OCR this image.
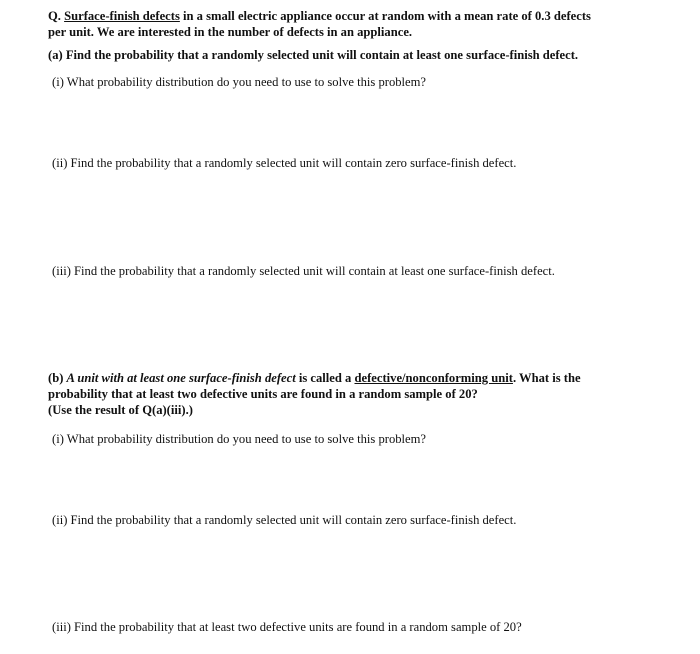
Q. Surface-finish defects in a small electric appliance occur at random with a mean rate of 0.3 defects
per unit. We are interested in the number of defects in an appliance.
(a) Find the probability that a randomly selected unit will contain at least one surface-finish defect.
(i) What probability distribution do you need to use to solve this problem?
(ii) Find the probability that a randomly selected unit will contain zero surface-finish defect.
(iii) Find the probability that a randomly selected unit will contain at least one surface-finish defect.
(b) A unit with at least one surface-finish defect is called a defective/nonconforming unit. What is the
probability that at least two defective units are found in a random sample of 20?
(Use the result of Q(a)(iii).)
(i) What probability distribution do you need to use to solve this problem?
(ii) Find the probability that a randomly selected unit will contain zero surface-finish defect.
(iii) Find the probability that at least two defective units are found in a random sample of 20?
